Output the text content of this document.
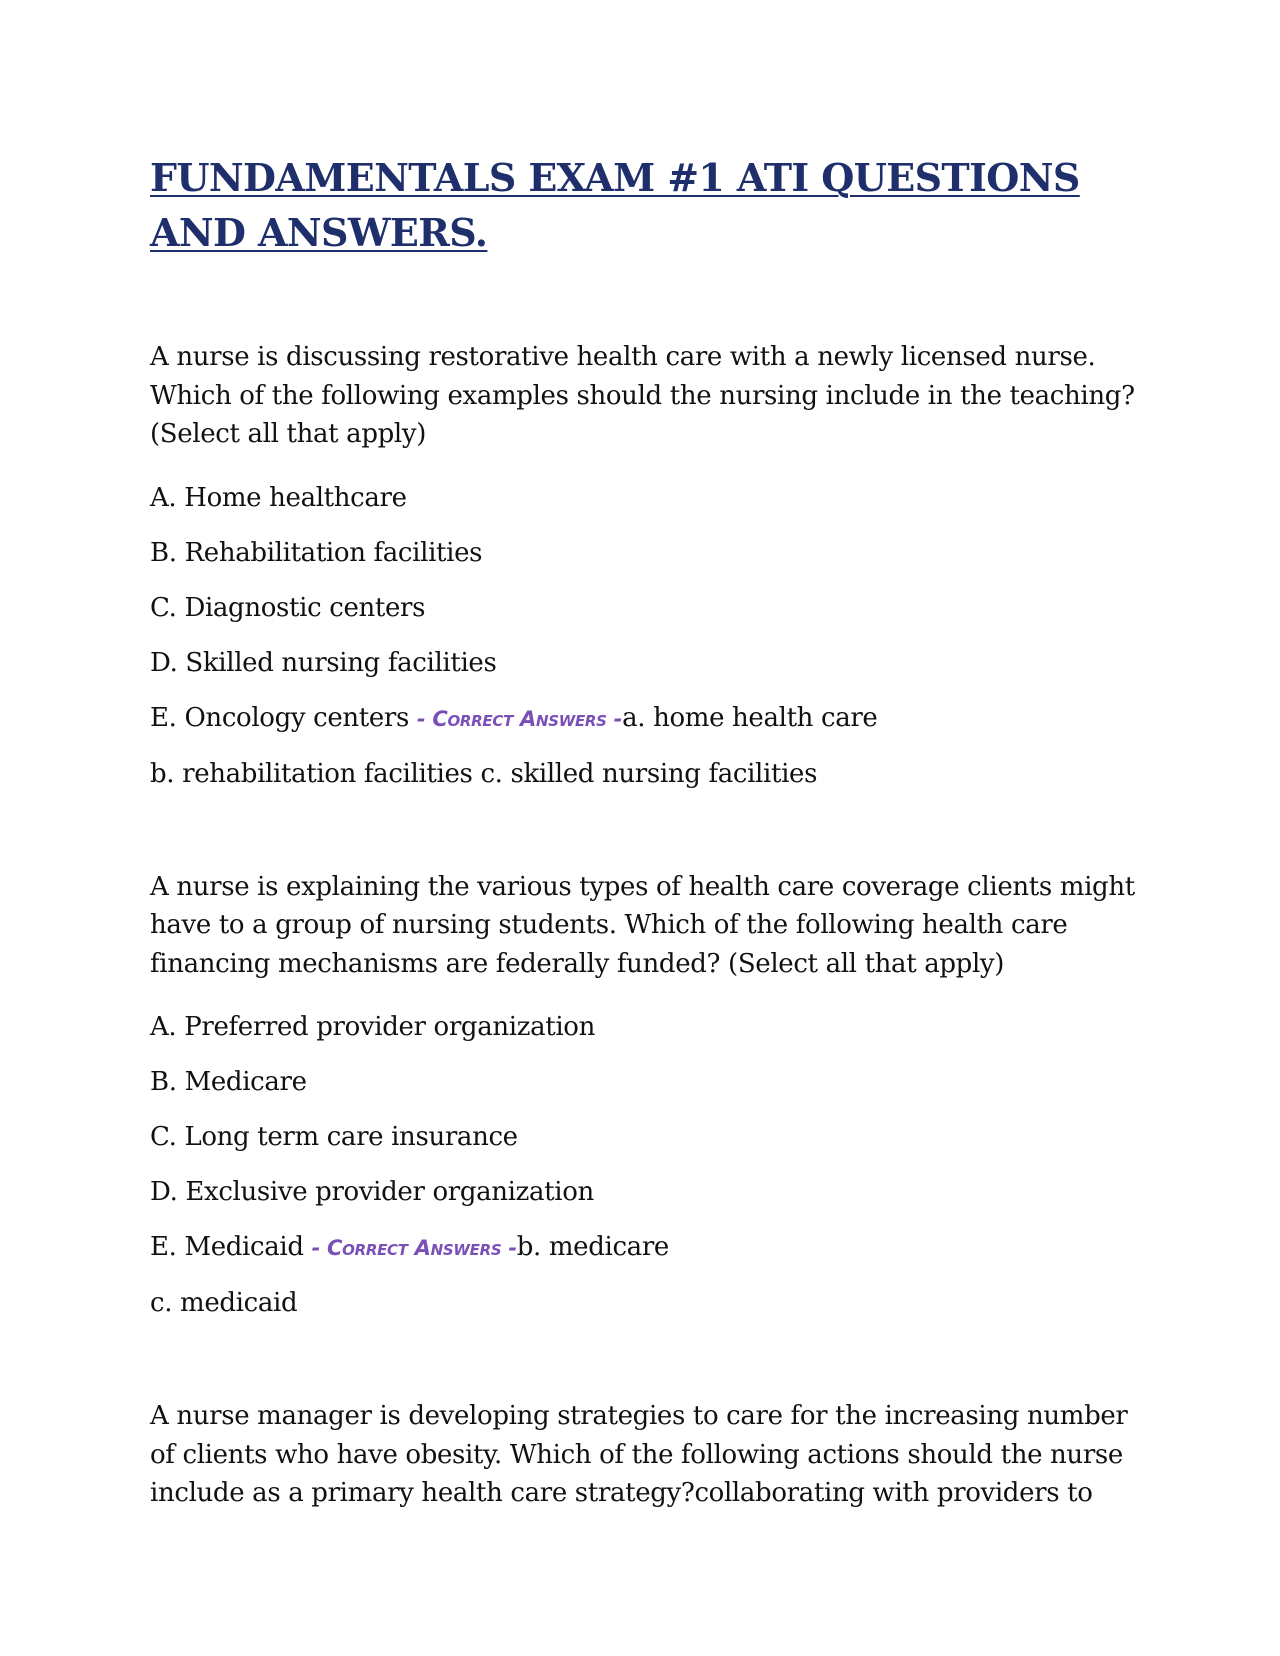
FUNDAMENTALS EXAM #1 ATI QUESTIONS AND ANSWERS.

A nurse is discussing restorative health care with a newly licensed nurse. Which of the following examples should the nursing include in the teaching? (Select all that apply)

A. Home healthcare

B. Rehabilitation facilities

C. Diagnostic centers

D. Skilled nursing facilities

E. Oncology centers - Correct Answers -a. home health care

b. rehabilitation facilities c. skilled nursing facilities

A nurse is explaining the various types of health care coverage clients might have to a group of nursing students. Which of the following health care financing mechanisms are federally funded? (Select all that apply)

A. Preferred provider organization

B. Medicare

C. Long term care insurance

D. Exclusive provider organization

E. Medicaid - Correct Answers -b. medicare

c. medicaid

A nurse manager is developing strategies to care for the increasing number of clients who have obesity. Which of the following actions should the nurse include as a primary health care strategy?collaborating with providers to
